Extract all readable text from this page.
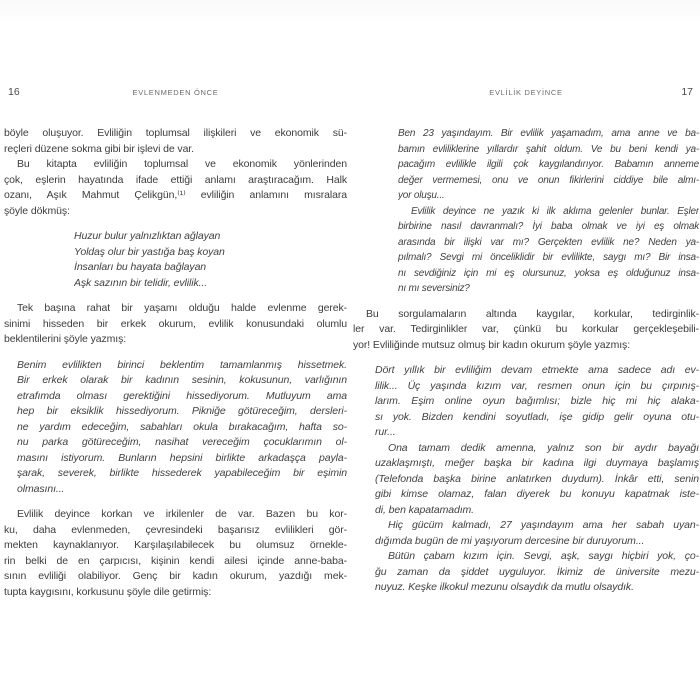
16	EVLENMEDEN ÖNCE
böyle oluşuyor. Evliliğin toplumsal ilişkileri ve ekonomik sü-
reçleri düzene sokma gibi bir işlevi de var.
Bu kitapta evliliğin toplumsal ve ekonomik yönlerinden
çok, eşlerin hayatında ifade ettiği anlamı araştıracağım. Halk
ozanı, Aşık Mahmut Çelikgün,⁽¹⁾ evliliğin anlamını mısralara
şöyle dökmüş:
Huzur bulur yalnızlıktan ağlayan
Yoldaş olur bir yastığa baş koyan
İnsanları bu hayata bağlayan
Aşk sazının bir telidir, evlilik...
Tek başına rahat bir yaşamı olduğu halde evlenme gerek-
sinimi hisseden bir erkek okurum, evlilik konusundaki olumlu
beklentilerini şöyle yazmış:
Benim evlilikten birinci beklentim tamamlanmış hissetmek.
Bir erkek olarak bir kadının sesinin, kokusunun, varlığının
etrafımda olması gerektiğini hissediyorum. Mutluyum ama
hep bir eksiklik hissediyorum. Pikniğe götüreceğim, dersleri-
ne yardım edeceğim, sabahları okula bırakacağım, hafta so-
nu parka götüreceğim, nasihat vereceğim çocuklarımın ol-
masını istiyorum. Bunların hepsini birlikte arkadaşça payla-
şarak, severek, birlikte hissederek yapabileceğim bir eşimin
olmasını...
Evlilik deyince korkan ve irkilenler de var. Bazen bu kor-
ku, daha evlenmeden, çevresindeki başarısız evlilikleri gör-
mekten kaynaklanıyor. Karşılaşılabilecek bu olumsuz örnekle-
rin belki de en çarpıcısı, kişinin kendi ailesi içinde anne-baba-
sının evliliği olabiliyor. Genç bir kadın okurum, yazdığı mek-
tupta kaygısını, korkusunu şöyle dile getirmiş:
EVLİLİK DEYİNCE	17
Ben 23 yaşındayım. Bir evlilik yaşamadım, ama anne ve ba-
bamın evliliklerine yıllardır şahit oldum. Ve bu beni kendi ya-
pacağım evlilikle ilgili çok kaygılandırıyor. Babamın anneme
değer vermemesi, onu ve onun fikirlerini ciddiye bile almı-
yor oluşu...
Evlilik deyince ne yazık ki ilk aklıma gelenler bunlar. Eşler
birbirine nasıl davranmalı? İyi baba olmak ve iyi eş olmak
arasında bir ilişki var mı? Gerçekten evlilik ne? Neden ya-
pılmalı? Sevgi mi önceliklidir bir evlilikte, saygı mı? Bir insa-
nı sevdiğiniz için mi eş olursunuz, yoksa eş olduğunuz insa-
nı mı seversiniz?
Bu sorgulamaların altında kaygılar, korkular, tedirginlik-
ler var. Tedirginlikler var, çünkü bu korkular gerçekleşebili-
yor! Evliliğinde mutsuz olmuş bir kadın okurum şöyle yazmış:
Dört yıllık bir evliliğim devam etmekte ama sadece adı ev-
lilik... Üç yaşında kızım var, resmen onun için bu çırpınış-
larım. Eşim online oyun bağımlısı; bizle hiç mi hiç alaka-
sı yok. Bizden kendini soyutladı, işe gidip gelir oyuna otu-
rur...
Ona tamam dedik amenna, yalnız son bir aydır bayağı
uzaklaşmıştı, meğer başka bir kadına ilgi duymaya başlamış
(Telefonda başka birine anlatırken duydum). İnkâr etti, senin
gibi kimse olamaz, falan diyerek bu konuyu kapatmak iste-
di, ben kapatamadım.
Hiç gücüm kalmadı, 27 yaşındayım ama her sabah uyan-
dığımda bugün de mi yaşıyorum dercesine bir duruyorum...
Bütün çabam kızım için. Sevgi, aşk, saygı hiçbiri yok, ço-
ğu zaman da şiddet uyguluyor. İkimiz de üniversite mezu-
nuyuz. Keşke ilkokul mezunu olsaydık da mutlu olsaydık.
